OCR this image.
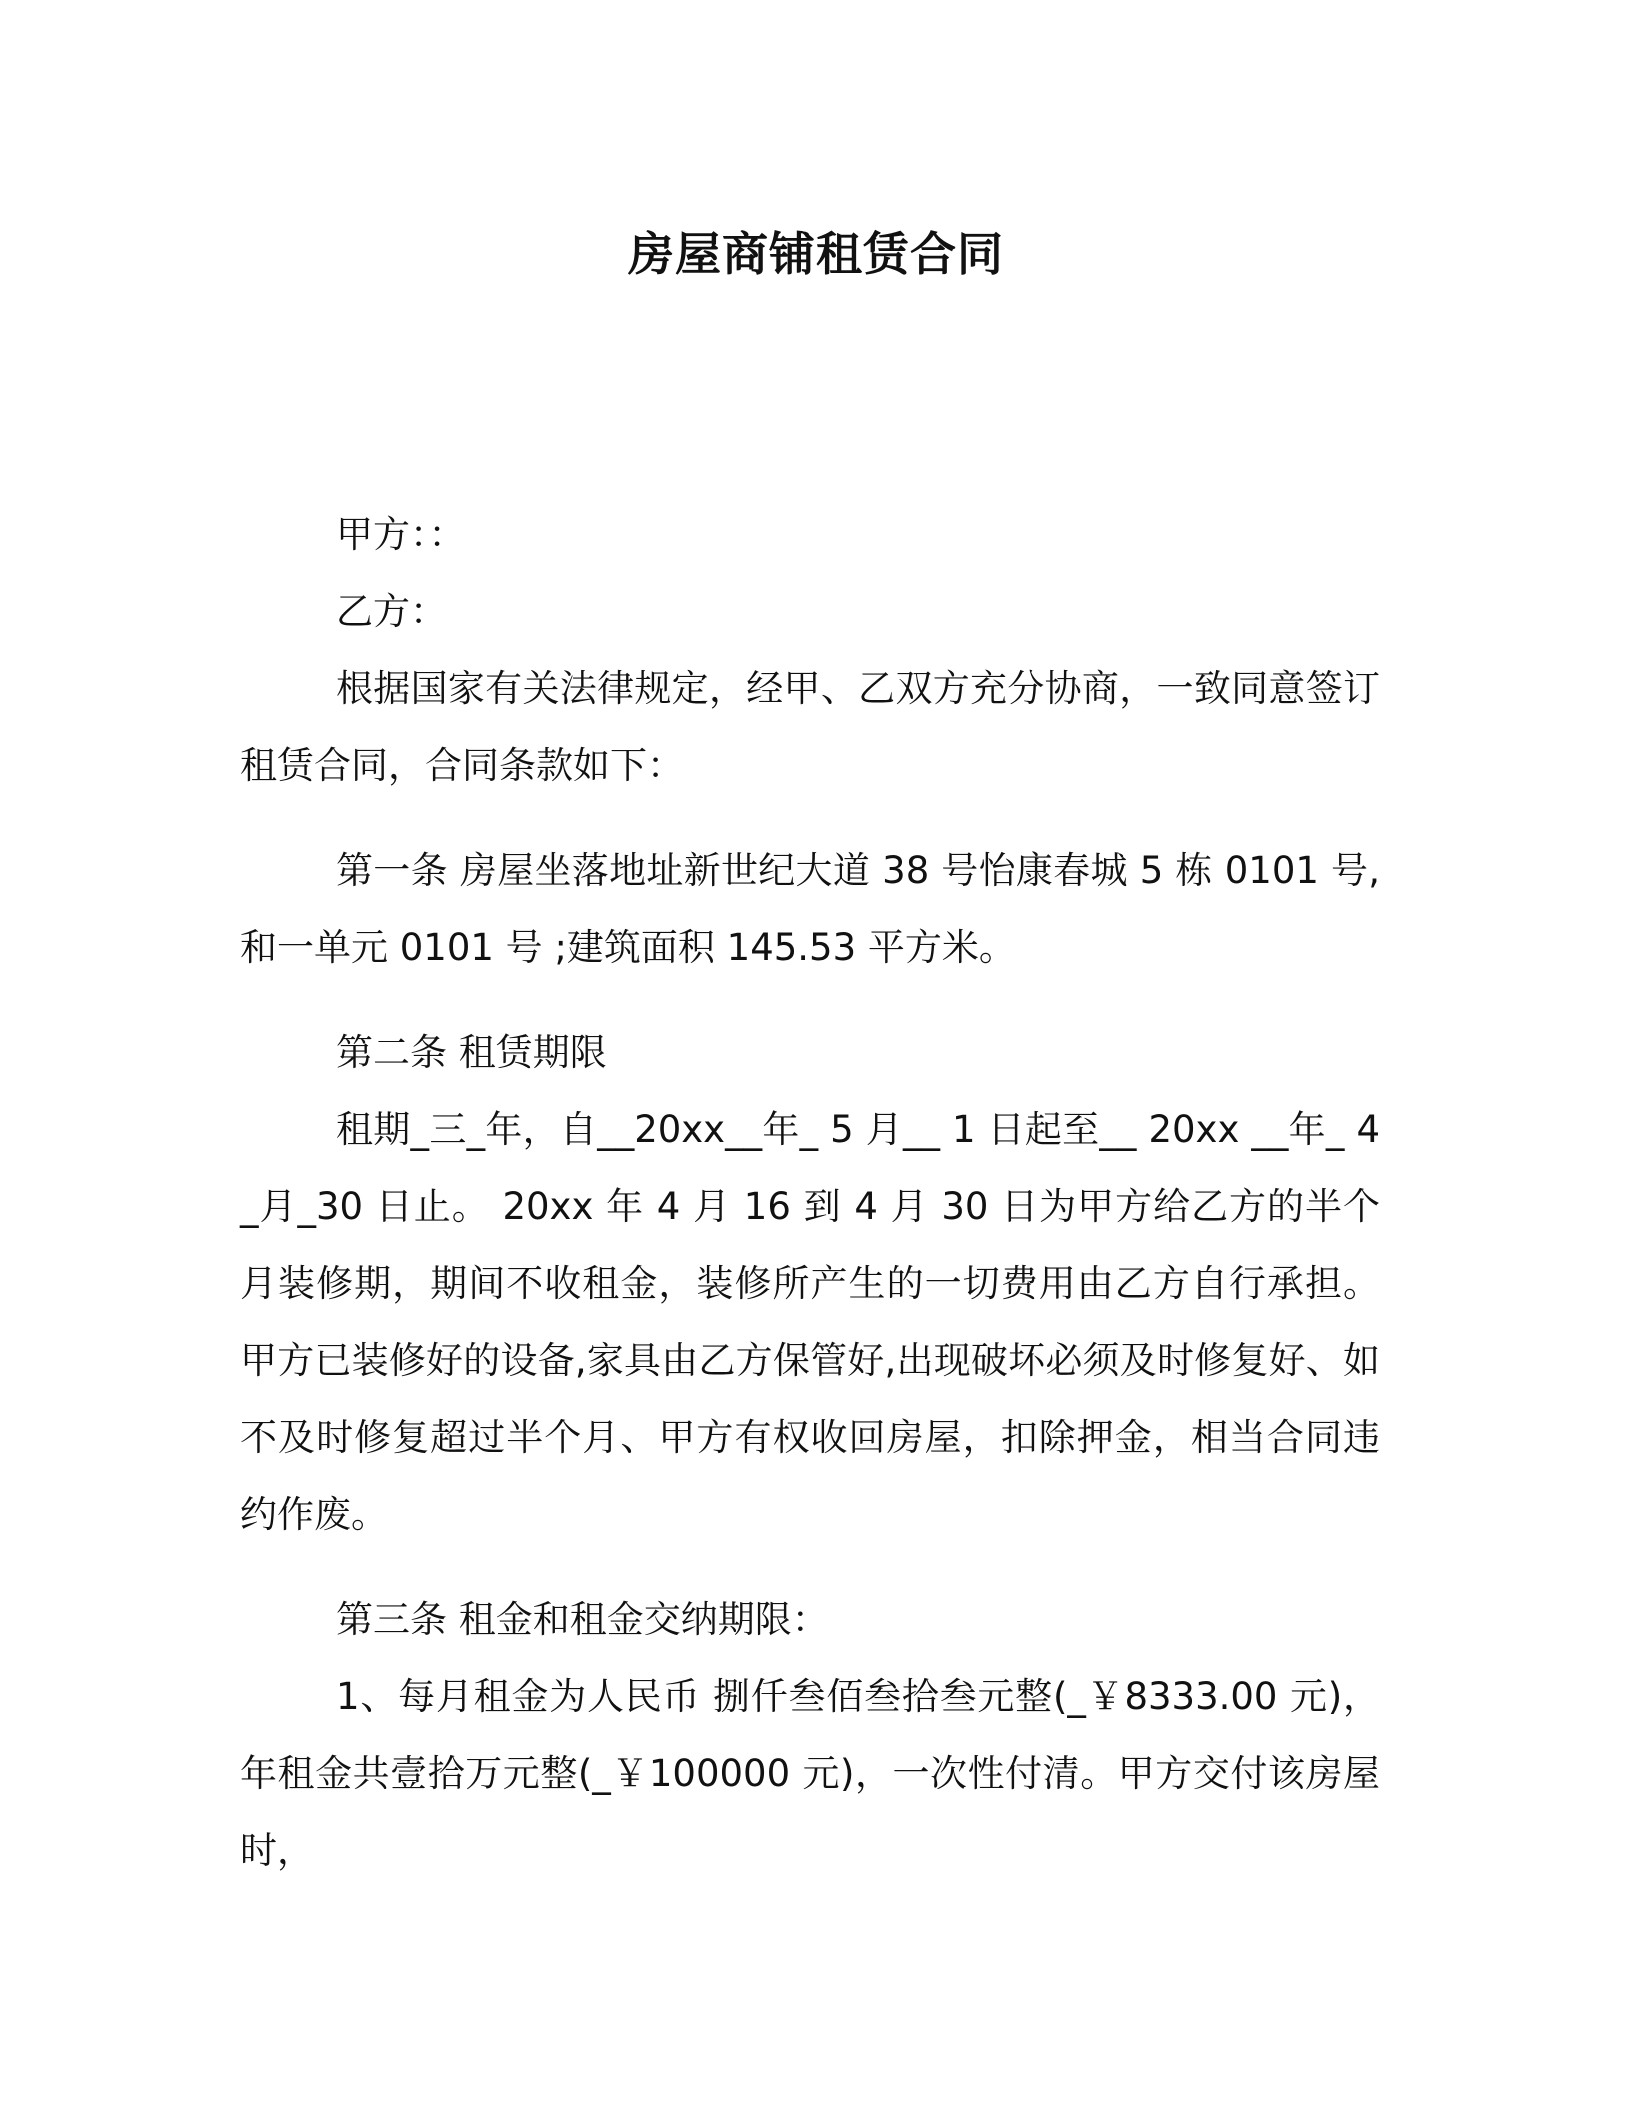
房屋商铺租赁合同

甲方：：

乙方：

根据国家有关法律规定，经甲、乙双方充分协商，一致同意签订租赁合同，合同条款如下：

第一条 房屋坐落地址新世纪大道 38 号怡康春城 5 栋 0101 号,和一单元 0101 号 ;建筑面积 145.53 平方米。

第二条 租赁期限

租期_三_年，自__20xx__年_ 5 月__ 1 日起至__ 20xx __年_ 4 _月_30 日止。 20xx 年 4 月 16 到 4 月 30 日为甲方给乙方的半个月装修期，期间不收租金，装修所产生的一切费用由乙方自行承担。甲方已装修好的设备,家具由乙方保管好,出现破坏必须及时修复好、如不及时修复超过半个月、甲方有权收回房屋，扣除押金，相当合同违约作废。

第三条 租金和租金交纳期限：

1、每月租金为人民币 捌仟叁佰叁拾叁元整(_￥8333.00 元)，年租金共壹拾万元整(_￥100000 元)，一次性付清。甲方交付该房屋时，
